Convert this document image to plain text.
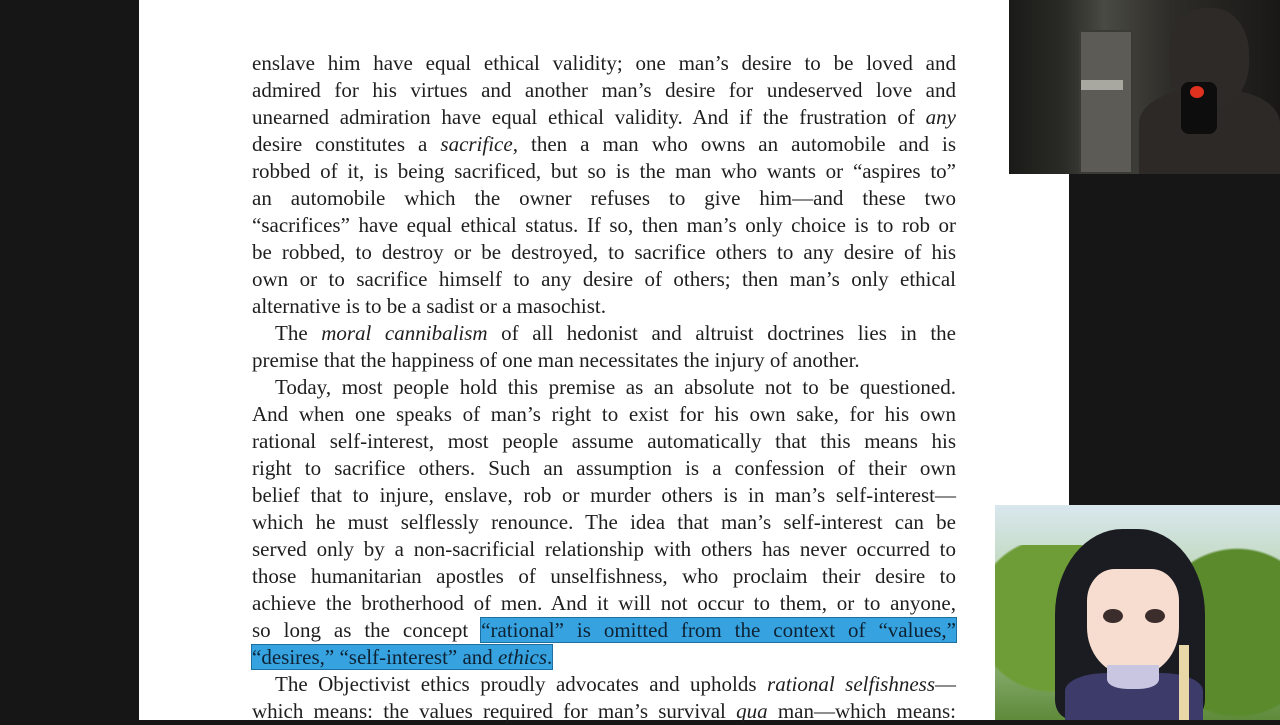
enslave him have equal ethical validity; one man’s desire to be loved and
admired for his virtues and another man’s desire for undeserved love and
unearned admiration have equal ethical validity. And if the frustration of any
desire constitutes a sacrifice, then a man who owns an automobile and is
robbed of it, is being sacrificed, but so is the man who wants or “aspires to”
an automobile which the owner refuses to give him—and these two
“sacrifices” have equal ethical status. If so, then man’s only choice is to rob or
be robbed, to destroy or be destroyed, to sacrifice others to any desire of his
own or to sacrifice himself to any desire of others; then man’s only ethical
alternative is to be a sadist or a masochist.
The moral cannibalism of all hedonist and altruist doctrines lies in the
premise that the happiness of one man necessitates the injury of another.
Today, most people hold this premise as an absolute not to be questioned.
And when one speaks of man’s right to exist for his own sake, for his own
rational self-interest, most people assume automatically that this means his
right to sacrifice others. Such an assumption is a confession of their own
belief that to injure, enslave, rob or murder others is in man’s self-interest—
which he must selflessly renounce. The idea that man’s self-interest can be
served only by a non-sacrificial relationship with others has never occurred to
those humanitarian apostles of unselfishness, who proclaim their desire to
achieve the brotherhood of men. And it will not occur to them, or to anyone,
so long as the concept “rational” is omitted from the context of “values,”
“desires,” “self-interest” and ethics.
The Objectivist ethics proudly advocates and upholds rational selfishness—
which means: the values required for man’s survival qua man—which means:
